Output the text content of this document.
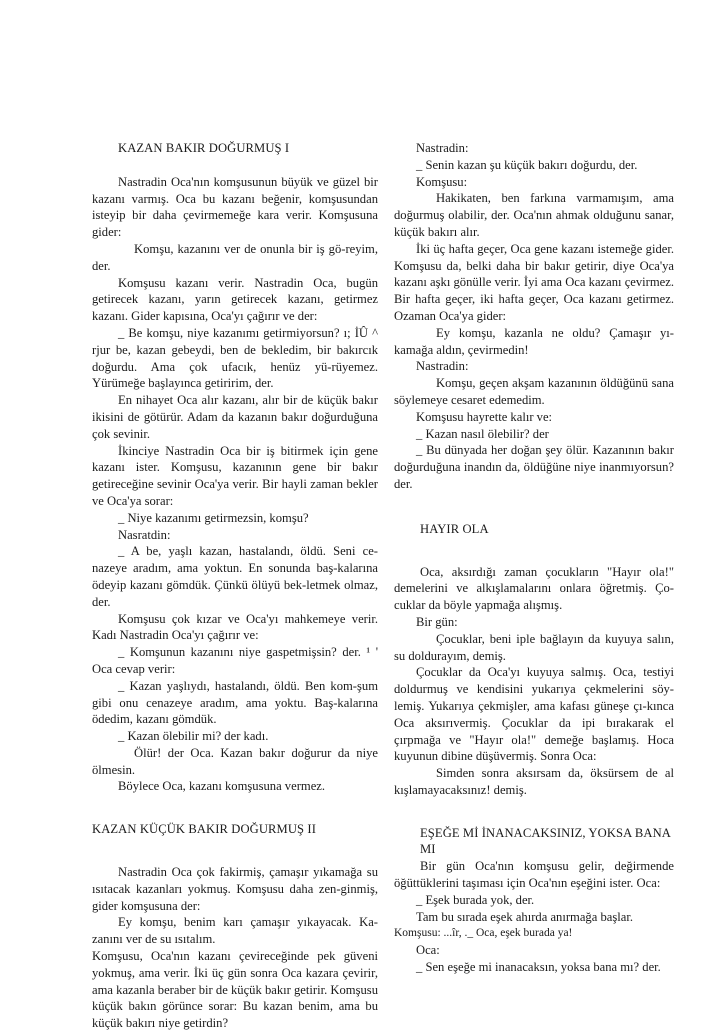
KAZAN BAKIR DOĞURMUŞ I

Nastradin Oca'nın komşusunun büyük ve güzel bir kazanı varmış. Oca bu kazanı beğenir, komşusundan isteyip bir daha çevirmemeğe kara verir. Komşusuna gider:

Komşu, kazanını ver de onunla bir iş gö-reyim, der.

Komşusu kazanı verir. Nastradin Oca, bugün getirecek kazanı, yarın getirecek kazanı, getirmez kazanı. Gider kapısına, Oca'yı çağırır ve der:

_ Be komşu, niye kazanımı getirmiyorsun? ı; İÛ ^ rjur be, kazan gebeydi, ben de bekledim, bir bakırcık doğurdu. Ama çok ufacık, henüz yü-rüyemez. Yürümeğe başlayınca getiririm, der.

En nihayet Oca alır kazanı, alır bir de küçük bakır ikisini de götürür. Adam da kazanın bakır doğurduğuna çok sevinir.

İkinciye Nastradin Oca bir iş bitirmek için gene kazanı ister. Komşusu, kazanının gene bir bakır getireceğine sevinir Oca'ya verir. Bir hayli zaman bekler ve Oca'ya sorar:

_ Niye kazanımı getirmezsin, komşu?

Nasratdin:

_ A be, yaşlı kazan, hastalandı, öldü. Seni ce-nazeye aradım, ama yoktun. En sonunda baş-kalarına ödeyip kazanı gömdük. Çünkü ölüyü bek-letmek olmaz, der.

Komşusu çok kızar ve Oca'yı mahkemeye verir. Kadı Nastradin Oca'yı çağırır ve:

_ Komşunun kazanını niye gaspetmişsin? der. ¹ ' Oca cevap verir:

_ Kazan yaşlıydı, hastalandı, öldü. Ben kom-şum gibi onu cenazeye aradım, ama yoktu. Baş-kalarına ödedim, kazanı gömdük.

_ Kazan ölebilir mi? der kadı.

Ölür! der Oca. Kazan bakır doğurur da niye ölmesin.

Böylece Oca, kazanı komşusuna vermez.

KAZAN KÜÇÜK BAKIR DOĞURMUŞ II

Nastradin Oca çok fakirmiş, çamaşır yıkamağa su ısıtacak kazanları yokmuş. Komşusu daha zen-ginmiş, gider komşusuna der:

Ey komşu, benim karı çamaşır yıkayacak. Ka-zanını ver de su ısıtalım.

Komşusu, Oca'nın kazanı çevireceğinde pek güveni yokmuş, ama verir. İki üç gün sonra Oca kazara çevirir, ama kazanla beraber bir de küçük bakır getirir. Komşusu küçük bakın görünce sorar: Bu kazan benim, ama bu küçük bakırı niye getirdin?

Nastradin:

_ Senin kazan şu küçük bakırı doğurdu, der.

Komşusu:

Hakikaten, ben farkına varmamışım, ama doğurmuş olabilir, der. Oca'nın ahmak olduğunu sanar, küçük bakırı alır.

İki üç hafta geçer, Oca gene kazanı istemeğe gider. Komşusu da, belki daha bir bakır getirir, diye Oca'ya kazanı aşkı gönülle verir. İyi ama Oca kazanı çevirmez. Bir hafta geçer, iki hafta geçer, Oca kazanı getirmez. Ozaman Oca'ya gider:

Ey komşu, kazanla ne oldu? Çamaşır yı-kamağa aldın, çevirmedin!

Nastradin:

Komşu, geçen akşam kazanının öldüğünü sana söylemeye cesaret edemedim.

Komşusu hayrette kalır ve:

_ Kazan nasıl ölebilir? der

_ Bu dünyada her doğan şey ölür. Kazanının bakır doğurduğuna inandın da, öldüğüne niye inanmıyorsun? der.

HAYIR OLA

Oca, aksırdığı zaman çocukların "Hayır ola!" demelerini ve alkışlamalarını onlara öğretmiş. Ço-cuklar da böyle yapmağa alışmış.

Bir gün:

Çocuklar, beni iple bağlayın da kuyuya salın, su doldurayım, demiş.

Çocuklar da Oca'yı kuyuya salmış. Oca, testiyi doldurmuş ve kendisini yukarıya çekmelerini söy-lemiş. Yukarıya çekmişler, ama kafası güneşe çı-kınca Oca aksırıvermiş. Çocuklar da ipi bırakarak el çırpmağa ve "Hayır ola!" demeğe başlamış. Hoca kuyunun dibine düşüvermiş. Sonra Oca:

Simden sonra aksırsam da, öksürsem de al kışlamayacaksınız! demiş.

EŞEĞE Mİ İNANACAKSINIZ, YOKSA BANA MI

Bir gün Oca'nın komşusu gelir, değirmende öğüttüklerini taşıması için Oca'nın eşeğini ister. Oca:

_ Eşek burada yok, der.

Tam bu sırada eşek ahırda anırmağa başlar.

Komşusu: ...îr, ._ Oca, eşek burada ya!

Oca:

_ Sen eşeğe mi inanacaksın, yoksa bana mı? der.
